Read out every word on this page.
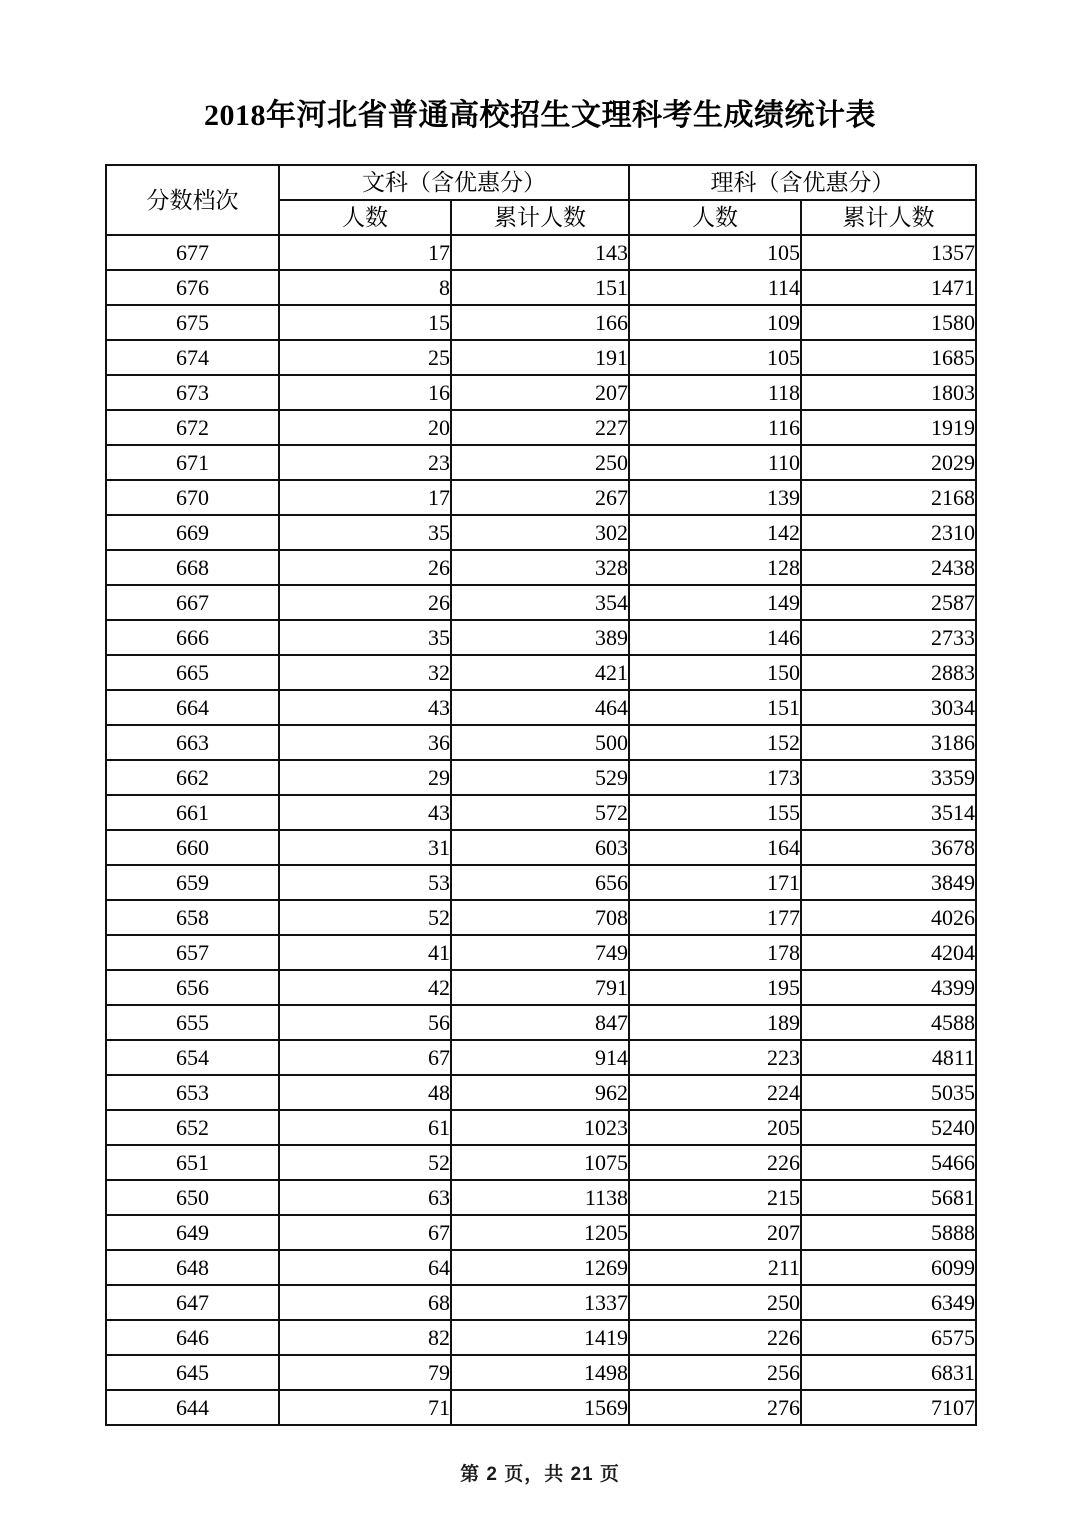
2018年河北省普通高校招生文理科考生成绩统计表
分数档次	文科（含优惠分）		理科（含优惠分）	
	人数	累计人数	人数	累计人数
677	17	143	105	1357
676	8	151	114	1471
675	15	166	109	1580
674	25	191	105	1685
673	16	207	118	1803
672	20	227	116	1919
671	23	250	110	2029
670	17	267	139	2168
669	35	302	142	2310
668	26	328	128	2438
667	26	354	149	2587
666	35	389	146	2733
665	32	421	150	2883
664	43	464	151	3034
663	36	500	152	3186
662	29	529	173	3359
661	43	572	155	3514
660	31	603	164	3678
659	53	656	171	3849
658	52	708	177	4026
657	41	749	178	4204
656	42	791	195	4399
655	56	847	189	4588
654	67	914	223	4811
653	48	962	224	5035
652	61	1023	205	5240
651	52	1075	226	5466
650	63	1138	215	5681
649	67	1205	207	5888
648	64	1269	211	6099
647	68	1337	250	6349
646	82	1419	226	6575
645	79	1498	256	6831
644	71	1569	276	7107
第 2 页，共 21 页
